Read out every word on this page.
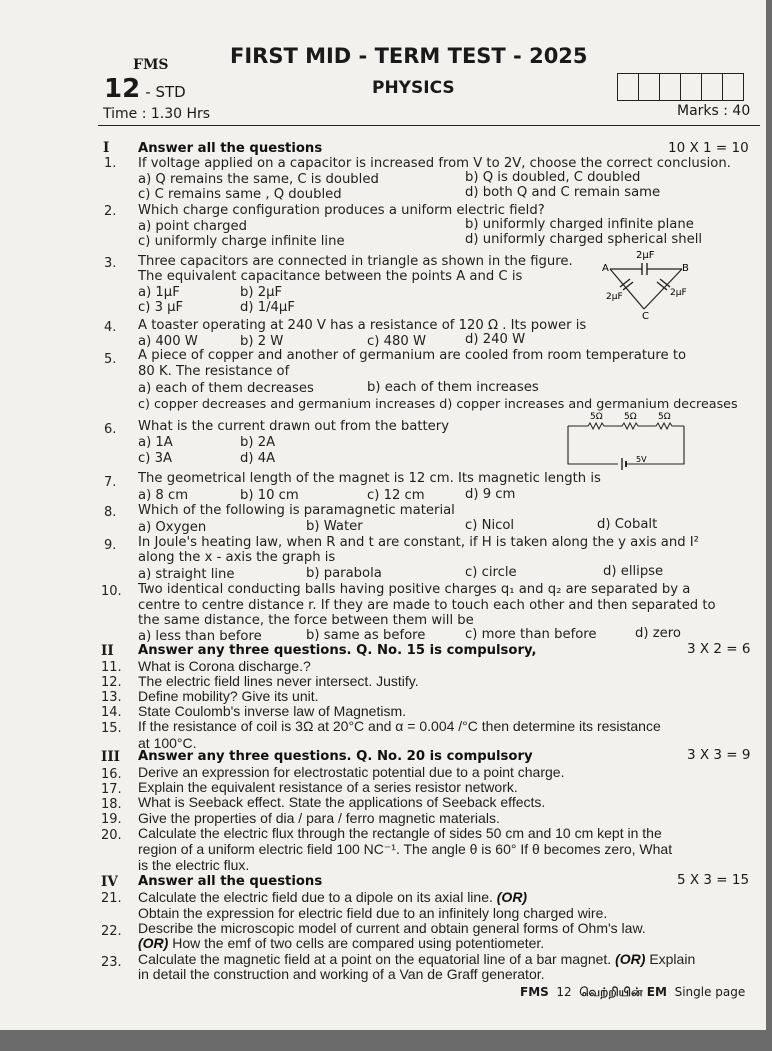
FMS	FIRST MID - TERM TEST - 2025
12 - STD	PHYSICS
Time : 1.30 Hrs	Marks : 40
I Answer all the questions	10 X 1 = 10
1. If voltage applied on a capacitor is increased from V to 2V, choose the correct conclusion.
a) Q remains the same, C is doubled	b) Q is doubled, C doubled
c) C remains same , Q doubled	d) both Q and C remain same
2. Which charge configuration produces a uniform electric field?
a) point charged	b) uniformly charged infinite plane
c) uniformly charge infinite line	d) uniformly charged spherical shell
3. Three capacitors are connected in triangle as shown in the figure.
The equivalent capacitance between the points A and C is
a) 1μF	b) 2μF
c) 3 μF	d) 1/4μF
A	B
C
2μF
2μF	2μF
4. A toaster operating at 240 V has a resistance of 120 Ω . Its power is
a) 400 W	b) 2 W	c) 480 W	d) 240 W
5. A piece of copper and another of germanium are cooled from room temperature to
80 K. The resistance of
a) each of them decreases	b) each of them increases
c) copper decreases and germanium increases d) copper increases and germanium decreases
6. What is the current drawn out from the battery
a) 1A	b) 2A
c) 3A	d) 4A
5Ω 5Ω 5Ω
5V
7. The geometrical length of the magnet is 12 cm. Its magnetic length is
a) 8 cm	b) 10 cm	c) 12 cm	d) 9 cm
8. Which of the following is paramagnetic material
a) Oxygen	b) Water	c) Nicol	d) Cobalt
9. In Joule's heating law, when R and t are constant, if H is taken along the y axis and I²
along the x - axis the graph is
a) straight line	b) parabola	c) circle	d) ellipse
10. Two identical conducting balls having positive charges q₁ and q₂ are separated by a
centre to centre distance r. If they are made to touch each other and then separated to
the same distance, the force between them will be
a) less than before	b) same as before	c) more than before	d) zero
II Answer any three questions. Q. No. 15 is compulsory,	3 X 2 = 6
11. What is Corona discharge.?
12. The electric field lines never intersect. Justify.
13. Define mobility? Give its unit.
14. State Coulomb's inverse law of Magnetism.
15. If the resistance of coil is 3Ω at 20°C and α = 0.004 /°C then determine its resistance
at 100°C.
III Answer any three questions. Q. No. 20 is compulsory	3 X 3 = 9
16. Derive an expression for electrostatic potential due to a point charge.
17. Explain the equivalent resistance of a series resistor network.
18. What is Seeback effect. State the applications of Seeback effects.
19. Give the properties of dia / para / ferro magnetic materials.
20. Calculate the electric flux through the rectangle of sides 50 cm and 10 cm kept in the
region of a uniform electric field 100 NC⁻¹. The angle θ is 60° If θ becomes zero, What
is the electric flux.
IV Answer all the questions	5 X 3 = 15
21. Calculate the electric field due to a dipole on its axial line. (OR)
Obtain the expression for electric field due to an infinitely long charged wire.
22. Describe the microscopic model of current and obtain general forms of Ohm's law.
(OR) How the emf of two cells are compared using potentiometer.
23. Calculate the magnetic field at a point on the equatorial line of a bar magnet. (OR) Explain
in detail the construction and working of a Van de Graff generator.
FMS 12 வெற்றியின் EM Single page
